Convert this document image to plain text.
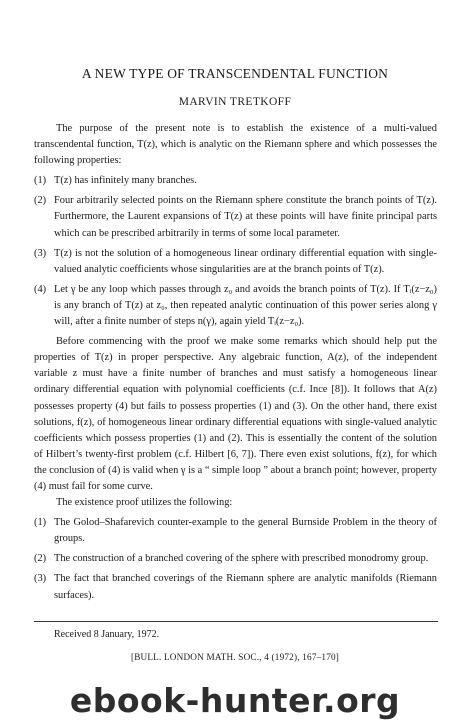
A NEW TYPE OF TRANSCENDENTAL FUNCTION
MARVIN TRETKOFF

The purpose of the present note is to establish the existence of a multi-valued transcendental function, T(z), which is analytic on the Riemann sphere and which possesses the following properties:

(1) T(z) has infinitely many branches.
(2) Four arbitrarily selected points on the Riemann sphere constitute the branch points of T(z). Furthermore, the Laurent expansions of T(z) at these points will have finite principal parts which can be prescribed arbitrarily in terms of some local parameter.
(3) T(z) is not the solution of a homogeneous linear ordinary differential equation with single-valued analytic coefficients whose singularities are at the branch points of T(z).
(4) Let γ be any loop which passes through z₀ and avoids the branch points of T(z). If Tᵢ(z−z₀) is any branch of T(z) at z₀, then repeated analytic continuation of this power series along γ will, after a finite number of steps n(γ), again yield Tᵢ(z−z₀).

Before commencing with the proof we make some remarks which should help put the properties of T(z) in proper perspective. Any algebraic function, A(z), of the independent variable z must have a finite number of branches and must satisfy a homogeneous linear ordinary differential equation with polynomial coefficients (c.f. Ince [8]). It follows that A(z) possesses property (4) but fails to possess properties (1) and (3). On the other hand, there exist solutions, f(z), of homogeneous linear ordinary differential equations with single-valued analytic coefficients which possess properties (1) and (2). This is essentially the content of the solution of Hilbert’s twenty-first problem (c.f. Hilbert [6, 7]). There even exist solutions, f(z), for which the conclusion of (4) is valid when γ is a “ simple loop ” about a branch point; however, property (4) must fail for some curve.

The existence proof utilizes the following:

(1) The Golod–Shafarevich counter-example to the general Burnside Problem in the theory of groups.
(2) The construction of a branched covering of the sphere with prescribed monodromy group.
(3) The fact that branched coverings of the Riemann sphere are analytic manifolds (Riemann surfaces).
Received 8 January, 1972.
[BULL. LONDON MATH. SOC., 4 (1972), 167–170]
ebook-hunter.org
